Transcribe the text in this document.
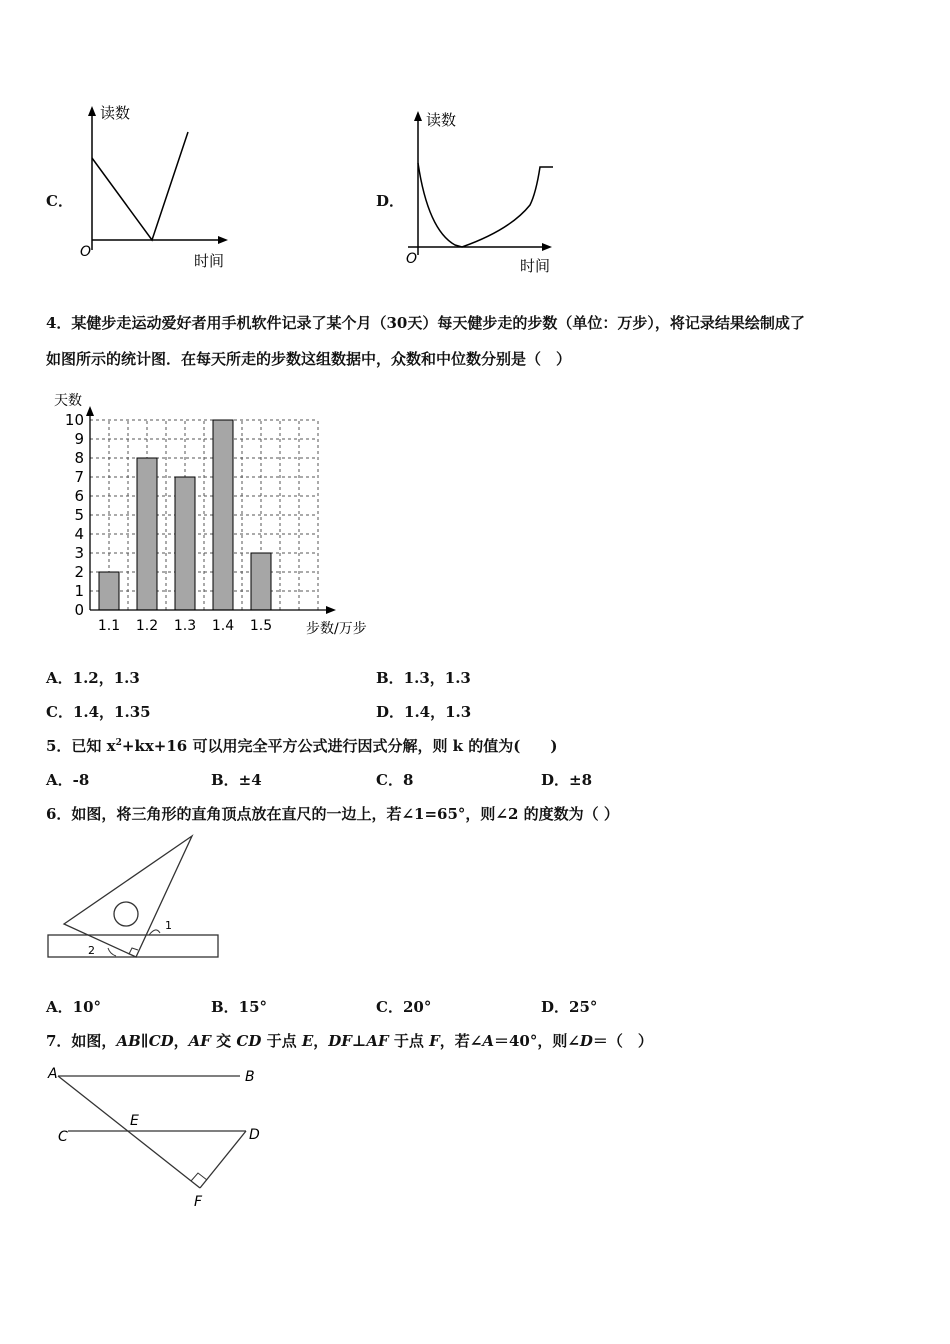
C．
读数
时间
O
D．
读数
时间
O
4．某健步走运动爱好者用手机软件记录了某个月（30天）每天健步走的步数（单位：万步），将记录结果绘制成了
如图所示的统计图．在每天所走的步数这组数据中，众数和中位数分别是（　）
0
1
2
3
4
5
6
7
8
9
10
1.1 1.2 1.3 1.4 1.5
天数
步数/万步
A．1.2，1.3	B．1.3，1.3
C．1.4，1.35	D．1.4，1.3
5．已知 $x^2+kx+16$ 可以用完全平方公式进行因式分解，则 k 的值为(　　)
A．-8	B．±4	C．8	D．±8
6．如图，将三角形的直角顶点放在直尺的一边上，若∠1=65°，则∠2 的度数为（ ）
1
2
A．10°	B．15°	C．20°	D．25°
7．如图，AB∥CD，AF 交 CD 于点 E，DF⊥AF 于点 F，若∠A＝40°，则∠D＝（　）
A	B
C	D
E
F
